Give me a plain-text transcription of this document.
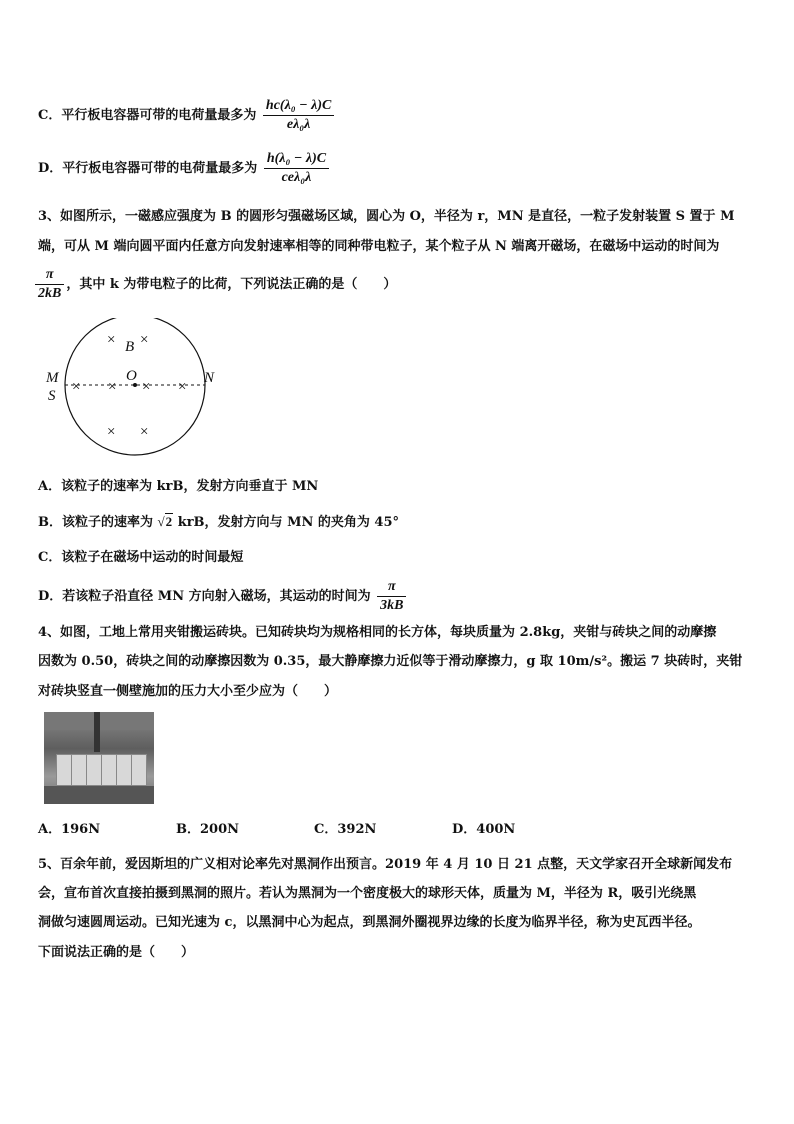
C．平行板电容器可带的电荷量最多为 $\frac{\text{hc(λ₀ − λ)C}}{\text{eλ₀λ}}$
D．平行板电容器可带的电荷量最多为 $\frac{\text{h(λ₀ − λ)C}}{\text{ceλ₀λ}}$
3、如图所示，一磁感应强度为 B 的圆形匀强磁场区域，圆心为 O，半径为 r，MN 是直径，一粒子发射装置 S 置于 M
端，可从 M 端向圆平面内任意方向发射速率相等的同种带电粒子，某个粒子从 N 端离开磁场，在磁场中运动的时间为
$\frac{\pi}{2kB}$ ，其中 k 为带电粒子的比荷，下列说法正确的是（　　）
× ×
× × × ×
× ×
B
O
M
S
N
A．该粒子的速率为 krB，发射方向垂直于 MN
B．该粒子的速率为 √2 krB，发射方向与 MN 的夹角为 45°
C．该粒子在磁场中运动的时间最短
D．若该粒子沿直径 MN 方向射入磁场，其运动的时间为 $\frac{\pi}{3kB}$
4、如图，工地上常用夹钳搬运砖块。已知砖块均为规格相同的长方体，每块质量为 2.8kg，夹钳与砖块之间的动摩擦
因数为 0.50，砖块之间的动摩擦因数为 0.35，最大静摩擦力近似等于滑动摩擦力，g 取 10m/s²。搬运 7 块砖时，夹钳
对砖块竖直一侧壁施加的压力大小至少应为（　　）
A．196N	B．200N	C．392N	D．400N
5、百余年前，爱因斯坦的广义相对论率先对黑洞作出预言。2019 年 4 月 10 日 21 点整，天文学家召开全球新闻发布
会，宣布首次直接拍摄到黑洞的照片。若认为黑洞为一个密度极大的球形天体，质量为 M，半径为 R，吸引光绕黑
洞做匀速圆周运动。已知光速为 c，以黑洞中心为起点，到黑洞外圈视界边缘的长度为临界半径，称为史瓦西半径。
下面说法正确的是（　　）
